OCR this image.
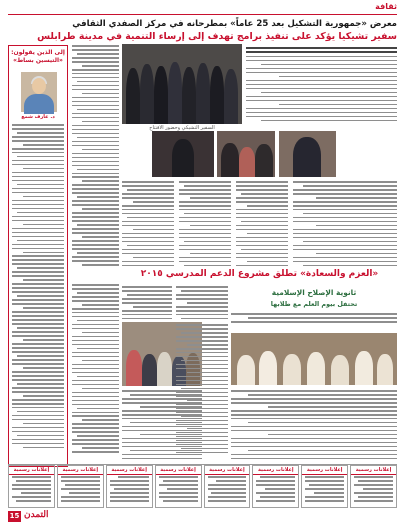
ثقافة
معرض «جمهورية التشكيل بعد 25 عاماً» بمطرحانه في مركز الصفدي الثقافي
سفير تشيكيا يؤكد على تنفيذ برامج تهدف إلى إرساء التنمية في مدينة طرابلس
إلى الذين يقولون: «التيسين بساط»
د. عارف شمع
السفير التشيكي وحضور الافتتاح
«العزم والسعادة» تطلق مشروع الدعم المدرسي ٢٠١٥
ثانوية الإصلاح الإسلامية
تحتفل بيوم العلم مع طلابها
إعلانات رسمية
إعلانات رسمية
إعلانات رسمية
إعلانات رسمية
إعلانات رسمية
إعلانات رسمية
إعلانات رسمية
إعلانات رسمية
15 التمدن
